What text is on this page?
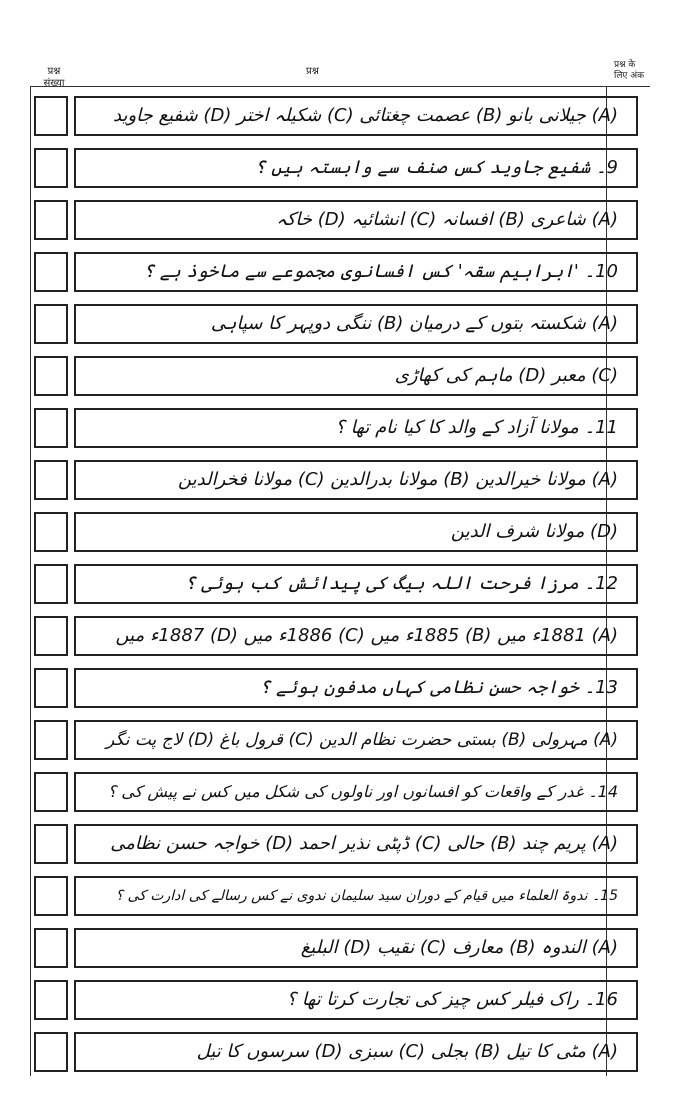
प्रश्न
संख्या
प्रश्न
प्रश्न के
लिए अंक
(A) جیلانی بانو (B) عصمت چغتائی (C) شکیلہ اختر (D) شفیع جاوید
9۔ شفیع جاوید کس صنف سے وابستہ ہیں ؟
(A) شاعری (B) افسانہ (C) انشائیہ (D) خاکہ
10۔ 'ابراہیم سقہ' کس افسانوی مجموعے سے ماخوذ ہے ؟
(A) شکستہ بتوں کے درمیان (B) ننگی دوپہر کا سپاہی
(C) معبر (D) ماہم کی کھاڑی
11۔ مولانا آزاد کے والد کا کیا نام تھا ؟
(A) مولانا خیرالدین (B) مولانا بدرالدین (C) مولانا فخرالدین
(D) مولانا شرف الدین
12۔ مرزا فرحت اللہ بیگ کی پیدائش کب ہوئی ؟
(A) 1881ء میں (B) 1885ء میں (C) 1886ء میں (D) 1887ء میں
13۔ خواجہ حسن نظامی کہاں مدفون ہوئے ؟
(A) مہرولی (B) بستی حضرت نظام الدین (C) قرول باغ (D) لاج پت نگر
14۔ غدر کے واقعات کو افسانوں اور ناولوں کی شکل میں کس نے پیش کی ؟
(A) پریم چند (B) حالی (C) ڈپٹی نذیر احمد (D) خواجہ حسن نظامی
15۔ ندوۃ العلماء میں قیام کے دوران سید سلیمان ندوی نے کس رسالے کی ادارت کی ؟
(A) الندوہ (B) معارف (C) نقیب (D) البلیغ
16۔ راک فیلر کس چیز کی تجارت کرتا تھا ؟
(A) مٹی کا تیل (B) بجلی (C) سبزی (D) سرسوں کا تیل
